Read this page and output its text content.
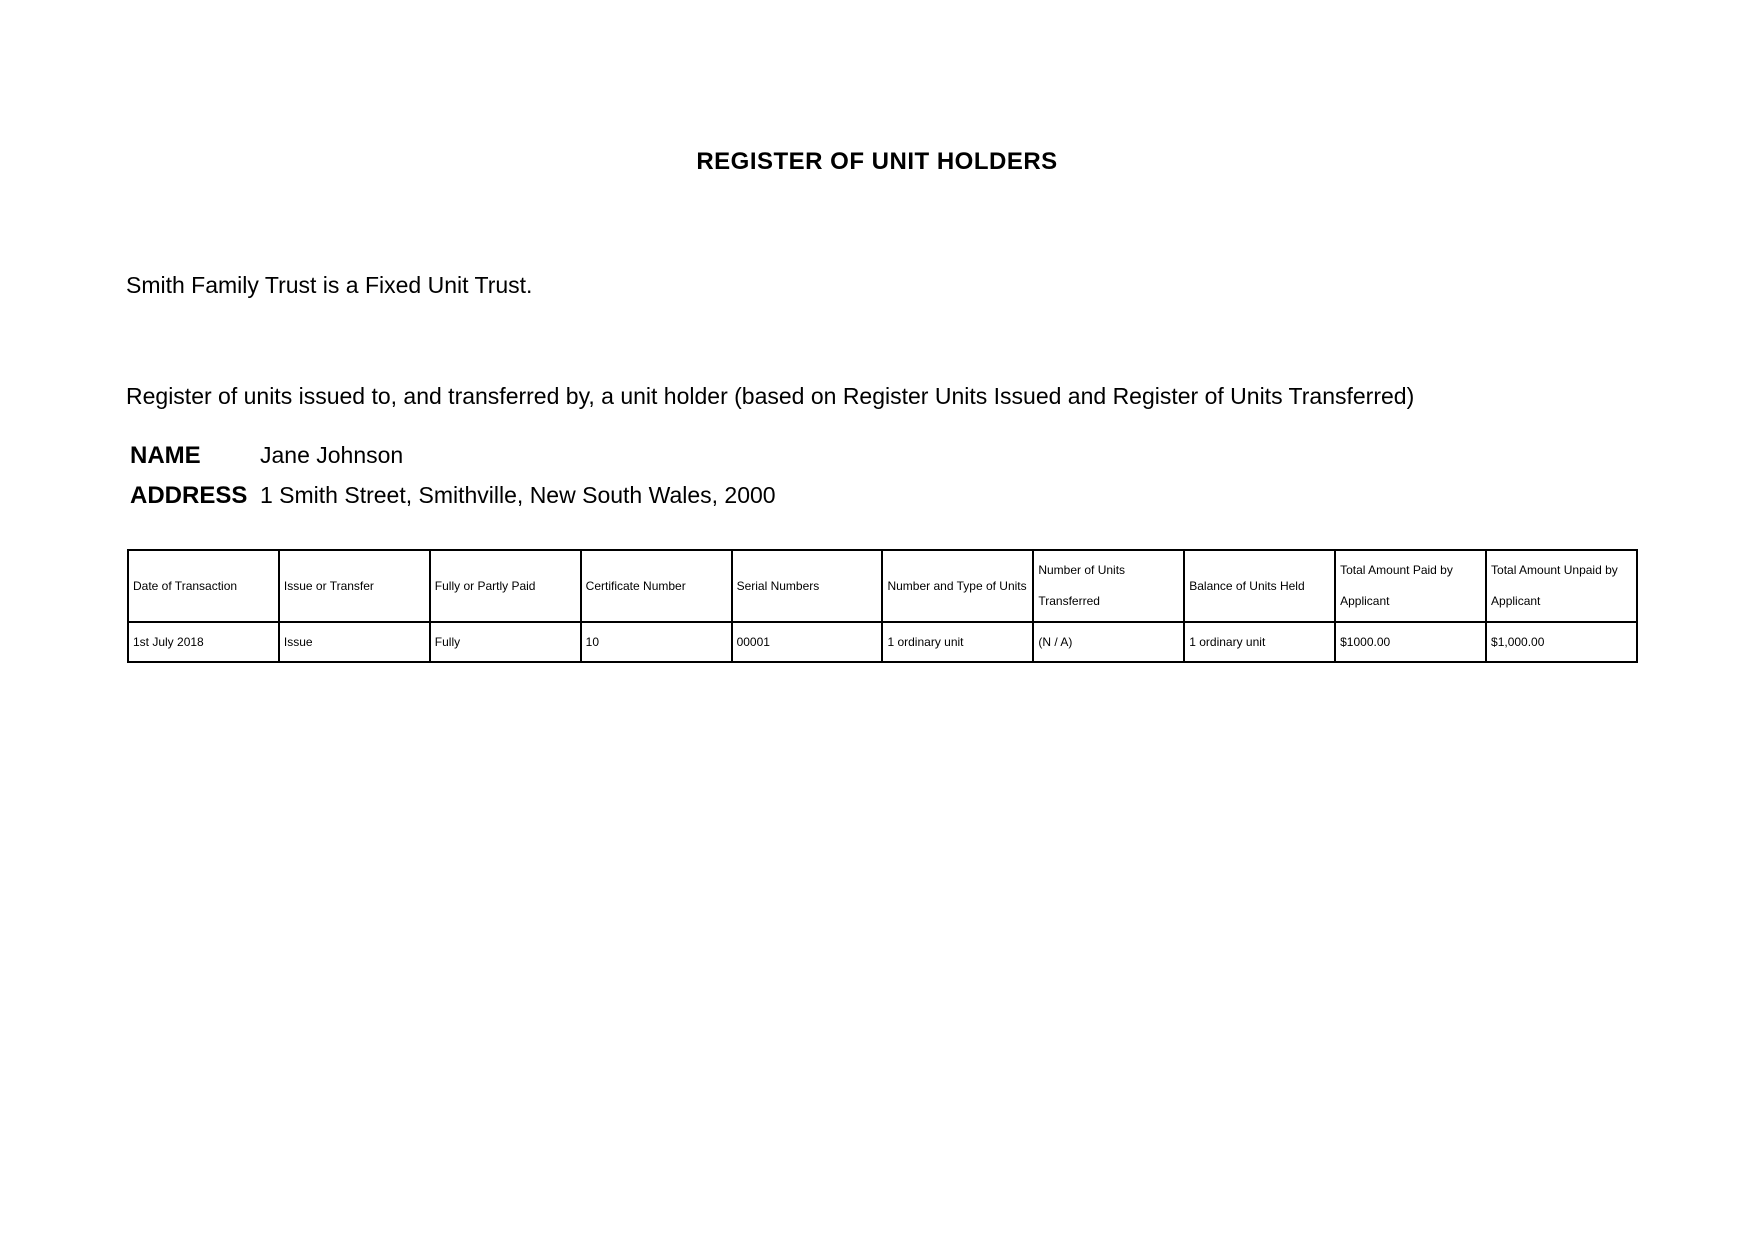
REGISTER OF UNIT HOLDERS

Smith Family Trust is a Fixed Unit Trust.

Register of units issued to, and transferred by, a unit holder (based on Register Units Issued and Register of Units Transferred)

NAME	Jane Johnson
ADDRESS 1 Smith Street, Smithville, New South Wales, 2000
Date of Transaction	Issue or Transfer	Fully or Partly Paid	Certificate Number	Serial Numbers	Number and Type of Units	Number of Units Transferred	Balance of Units Held	Total Amount Paid by Applicant	Total Amount Unpaid by Applicant
1st July 2018	Issue	Fully	10	00001	1 ordinary unit	(N / A)	1 ordinary unit	$1000.00	$1,000.00
